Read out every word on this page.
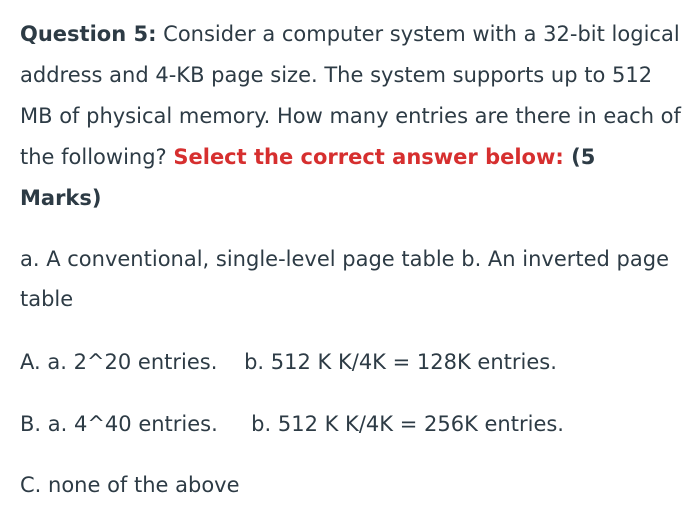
Question 5: Consider a computer system with a 32-bit logical address and 4-KB page size. The system supports up to 512 MB of physical memory. How many entries are there in each of the following? Select the correct answer below: (5 Marks)

a. A conventional, single-level page table b. An inverted page table

A. a. 2^20 entries.    b. 512 K K/4K = 128K entries.
B. a. 4^40 entries.     b. 512 K K/4K = 256K entries.
C. none of the above
